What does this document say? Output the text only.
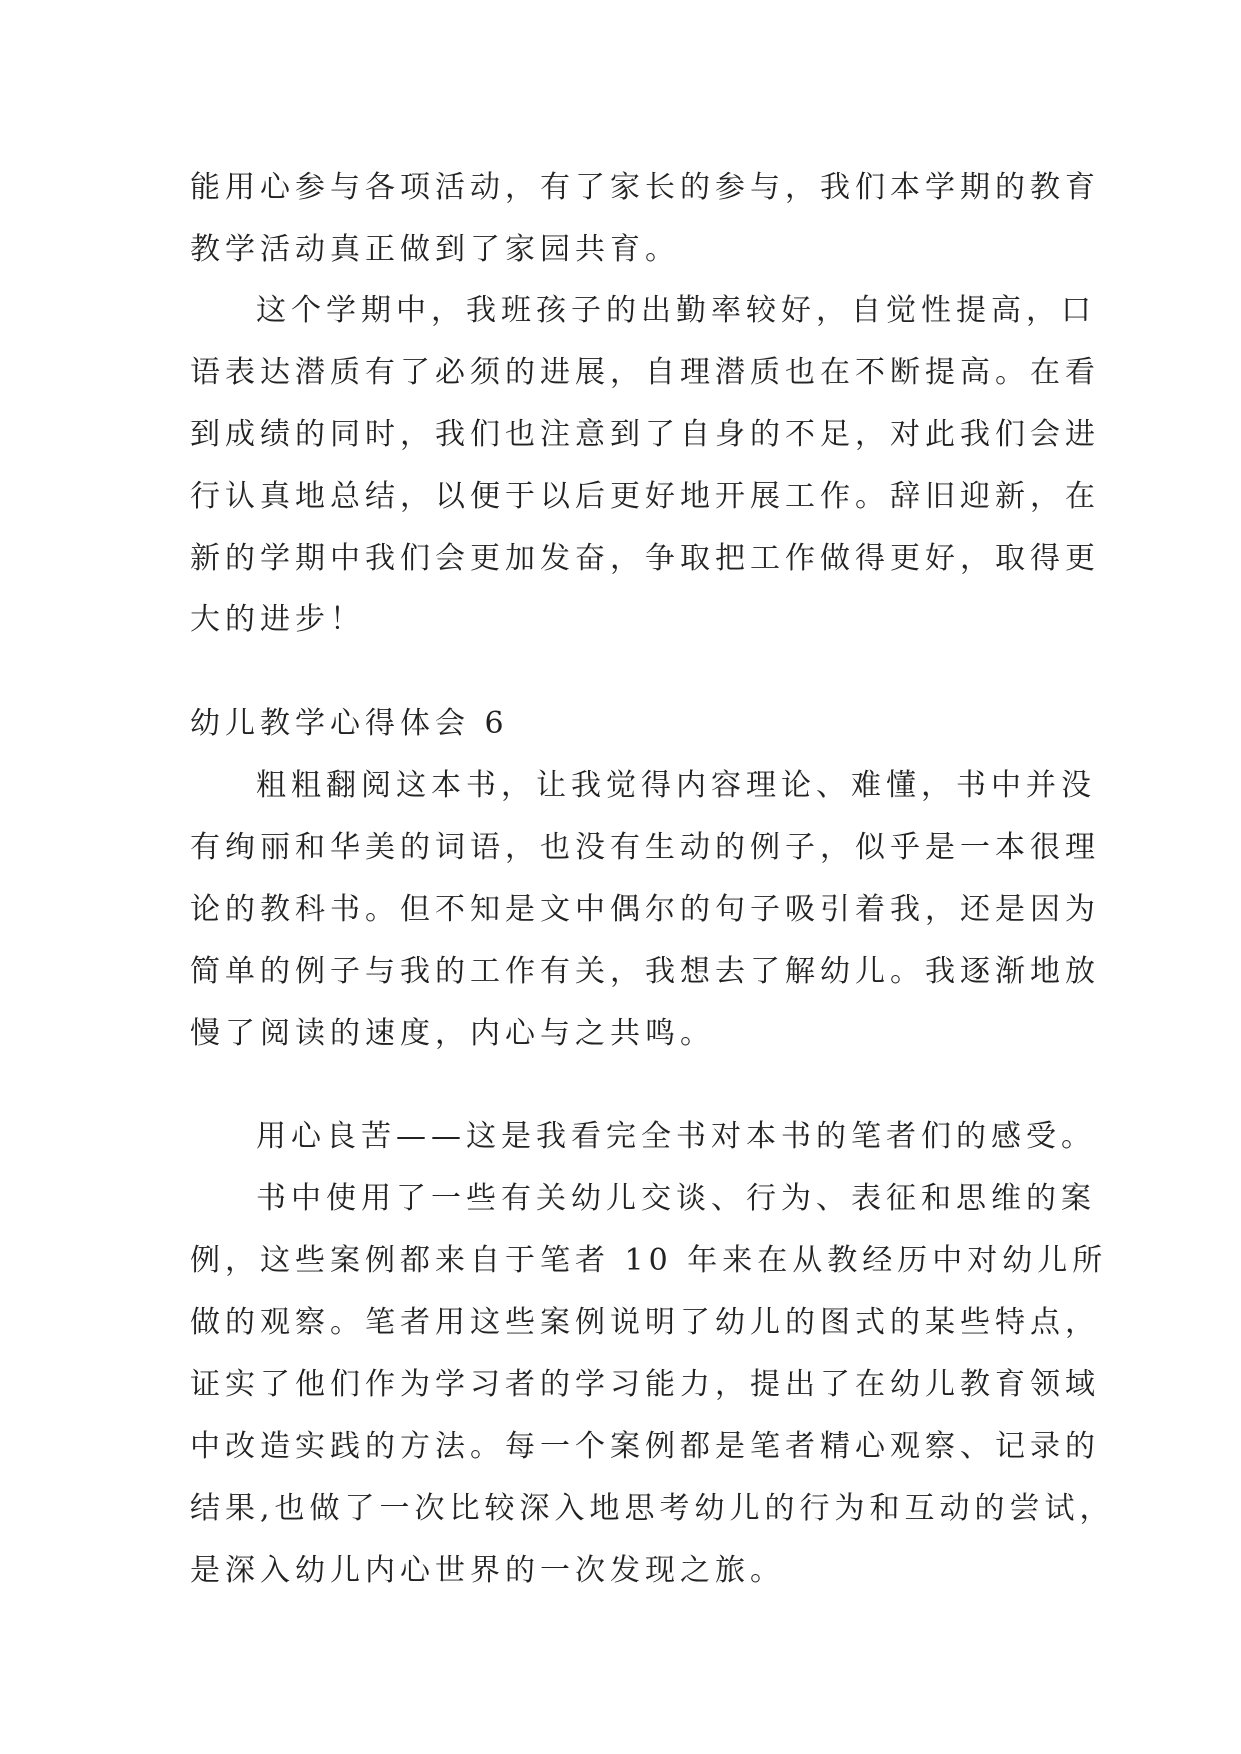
能用心参与各项活动，有了家长的参与，我们本学期的教育
教学活动真正做到了家园共育。
这个学期中，我班孩子的出勤率较好，自觉性提高，口
语表达潜质有了必须的进展，自理潜质也在不断提高。在看
到成绩的同时，我们也注意到了自身的不足，对此我们会进
行认真地总结，以便于以后更好地开展工作。辞旧迎新，在
新的学期中我们会更加发奋，争取把工作做得更好，取得更
大的进步！
幼儿教学心得体会 6
粗粗翻阅这本书，让我觉得内容理论、难懂，书中并没
有绚丽和华美的词语，也没有生动的例子，似乎是一本很理
论的教科书。但不知是文中偶尔的句子吸引着我，还是因为
简单的例子与我的工作有关，我想去了解幼儿。我逐渐地放
慢了阅读的速度，内心与之共鸣。
用心良苦——这是我看完全书对本书的笔者们的感受。
书中使用了一些有关幼儿交谈、行为、表征和思维的案
例，这些案例都来自于笔者 10 年来在从教经历中对幼儿所
做的观察。笔者用这些案例说明了幼儿的图式的某些特点，
证实了他们作为学习者的学习能力，提出了在幼儿教育领域
中改造实践的方法。每一个案例都是笔者精心观察、记录的
结果,也做了一次比较深入地思考幼儿的行为和互动的尝试，
是深入幼儿内心世界的一次发现之旅。
